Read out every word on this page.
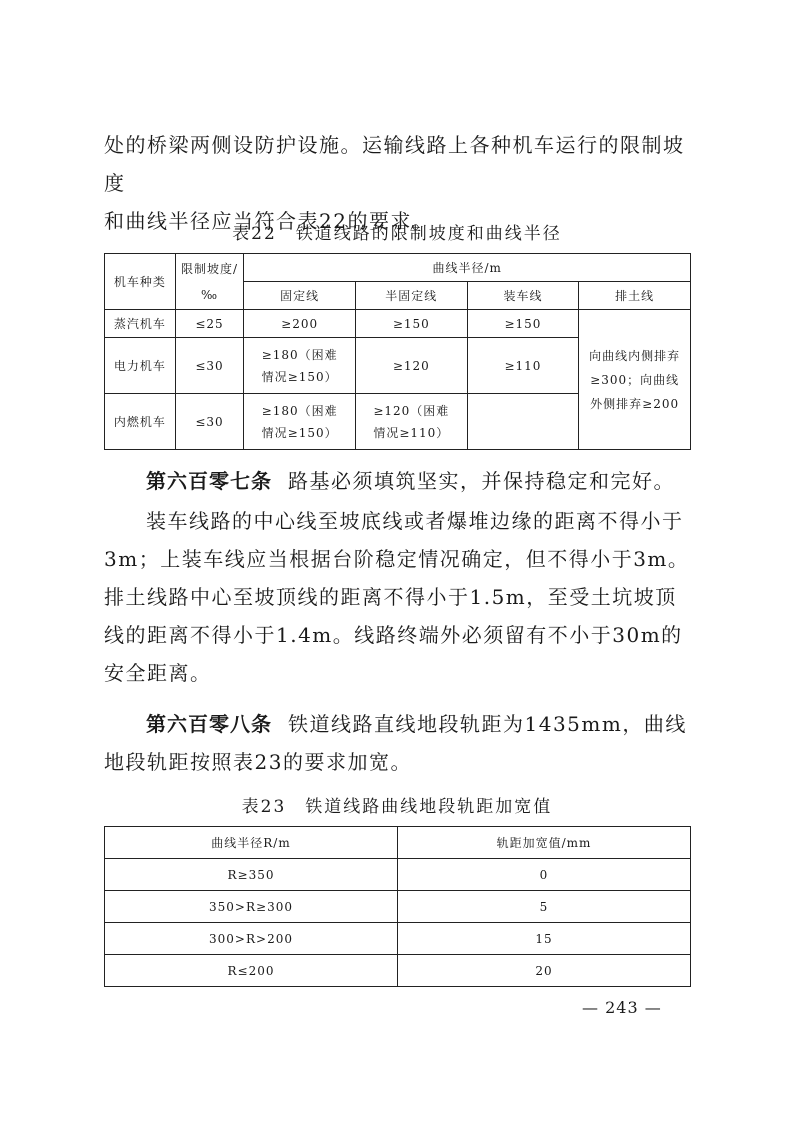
处的桥梁两侧设防护设施。运输线路上各种机车运行的限制坡度
和曲线半径应当符合表22的要求。

表22　铁道线路的限制坡度和曲线半径

机车种类	限制坡度/‰	曲线半径/m			
		固定线	半固定线	装车线	排土线
蒸汽机车	≤25	≥200	≥150	≥150	向曲线内侧排弃≥300；向曲线外侧排弃≥200
电力机车	≤30	≥180（困难情况≥150）	≥120	≥110	
内燃机车	≤30	≥180（困难情况≥150）	≥120（困难情况≥110）		

第六百零七条 路基必须填筑坚实，并保持稳定和完好。

装车线路的中心线至坡底线或者爆堆边缘的距离不得小于3m；上装车线应当根据台阶稳定情况确定，但不得小于3m。排土线路中心至坡顶线的距离不得小于1.5m，至受土坑坡顶线的距离不得小于1.4m。线路终端外必须留有不小于30m的安全距离。

第六百零八条 铁道线路直线地段轨距为1435mm，曲线地段轨距按照表23的要求加宽。

表23　铁道线路曲线地段轨距加宽值

曲线半径R/m	轨距加宽值/mm
R≥350	0
350>R≥300	5
300>R>200	15
R≤200	20

— 243 —
